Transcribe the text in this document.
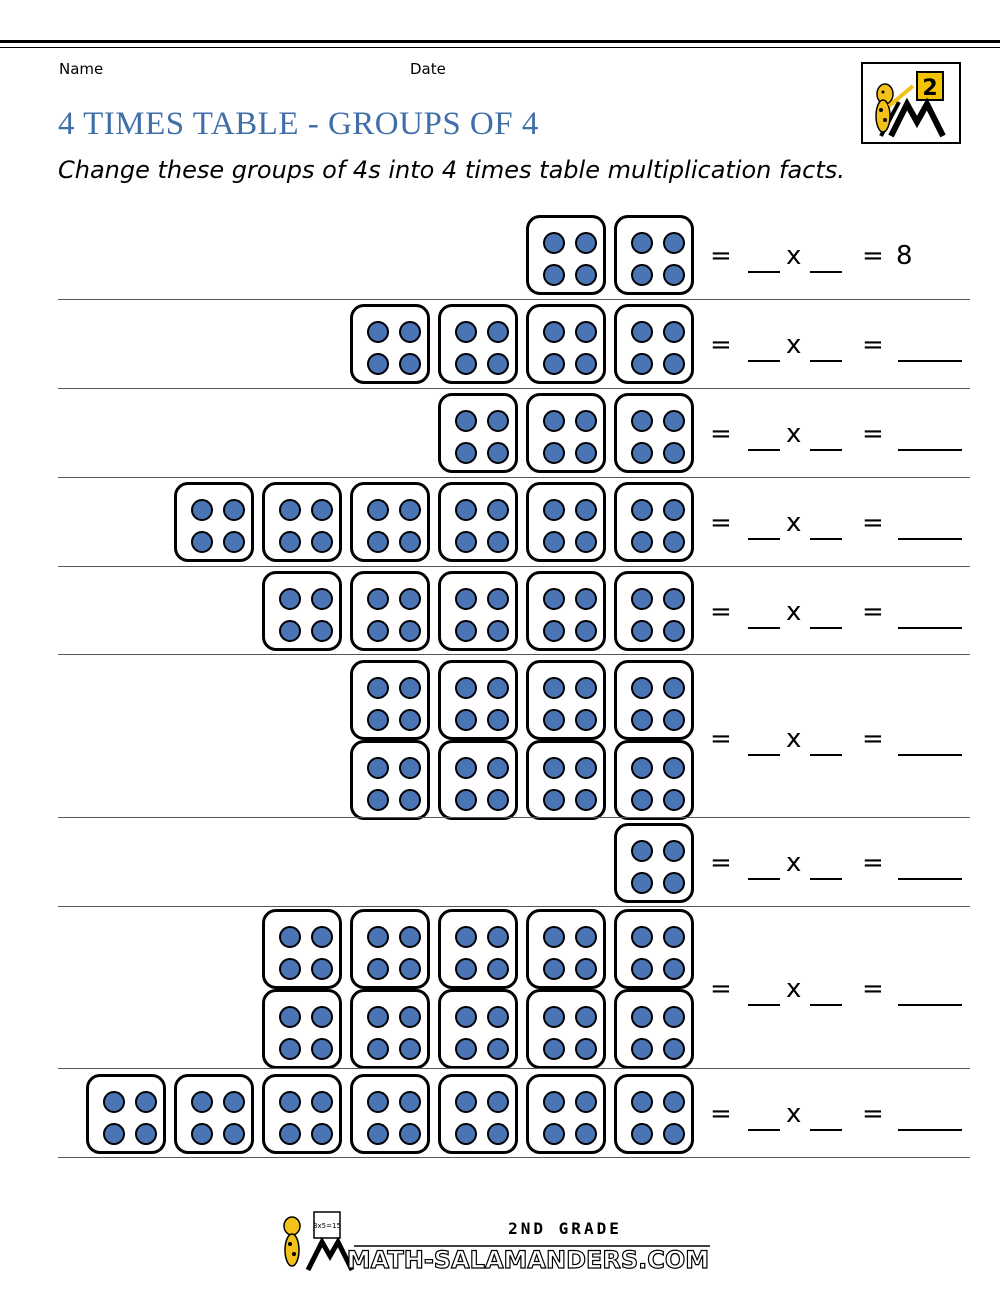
Name	Date
4 TIMES TABLE - GROUPS OF 4
Change these groups of 4s into 4 times table multiplication facts.
2
= x = 8
= x =
= x =
= x =
= x =
= x =
= x =
= x =
= x =
3x5=15	2ND GRADE
MATH-SALAMANDERS.COM
